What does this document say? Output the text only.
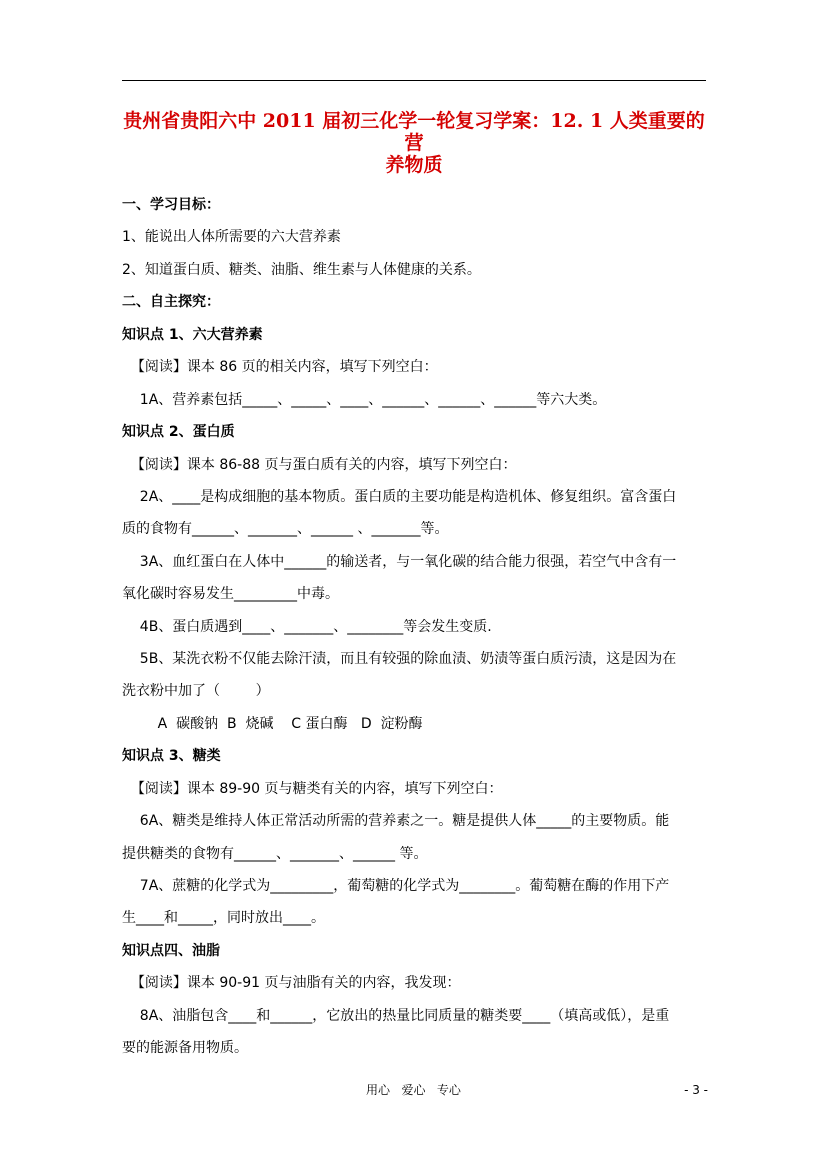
贵州省贵阳六中 2011 届初三化学一轮复习学案：12. 1 人类重要的营
养物质
一、学习目标：
1、能说出人体所需要的六大营养素
2、知道蛋白质、糖类、油脂、维生素与人体健康的关系。
二、自主探究：
知识点 1、六大营养素
【阅读】课本 86 页的相关内容，填写下列空白：
1A、营养素包括_____、_____、____、______、______、______等六大类。
知识点 2、蛋白质
【阅读】课本 86-88 页与蛋白质有关的内容，填写下列空白：
2A、____是构成细胞的基本物质。蛋白质的主要功能是构造机体、修复组织。富含蛋白
质的食物有______、_______、______ 、_______等。
3A、血红蛋白在人体中______的输送者，与一氧化碳的结合能力很强，若空气中含有一
氧化碳时容易发生_________中毒。
4B、蛋白质遇到____、_______、________等会发生变质.
5B、某洗衣粉不仅能去除汗渍，而且有较强的除血渍、奶渍等蛋白质污渍，这是因为在
洗衣粉中加了（        ）
A  碳酸钠  B  烧碱    C 蛋白酶   D  淀粉酶
知识点 3、糖类
【阅读】课本 89-90 页与糖类有关的内容，填写下列空白：
6A、糖类是维持人体正常活动所需的营养素之一。糖是提供人体_____的主要物质。能
提供糖类的食物有______、_______、______ 等。
7A、蔗糖的化学式为_________，葡萄糖的化学式为________。葡萄糖在酶的作用下产
生____和_____，同时放出____。
知识点四、油脂
【阅读】课本 90-91 页与油脂有关的内容，我发现：
8A、油脂包含____和______，它放出的热量比同质量的糖类要____（填高或低），是重
要的能源备用物质。
用心   爱心   专心	- 3 -
